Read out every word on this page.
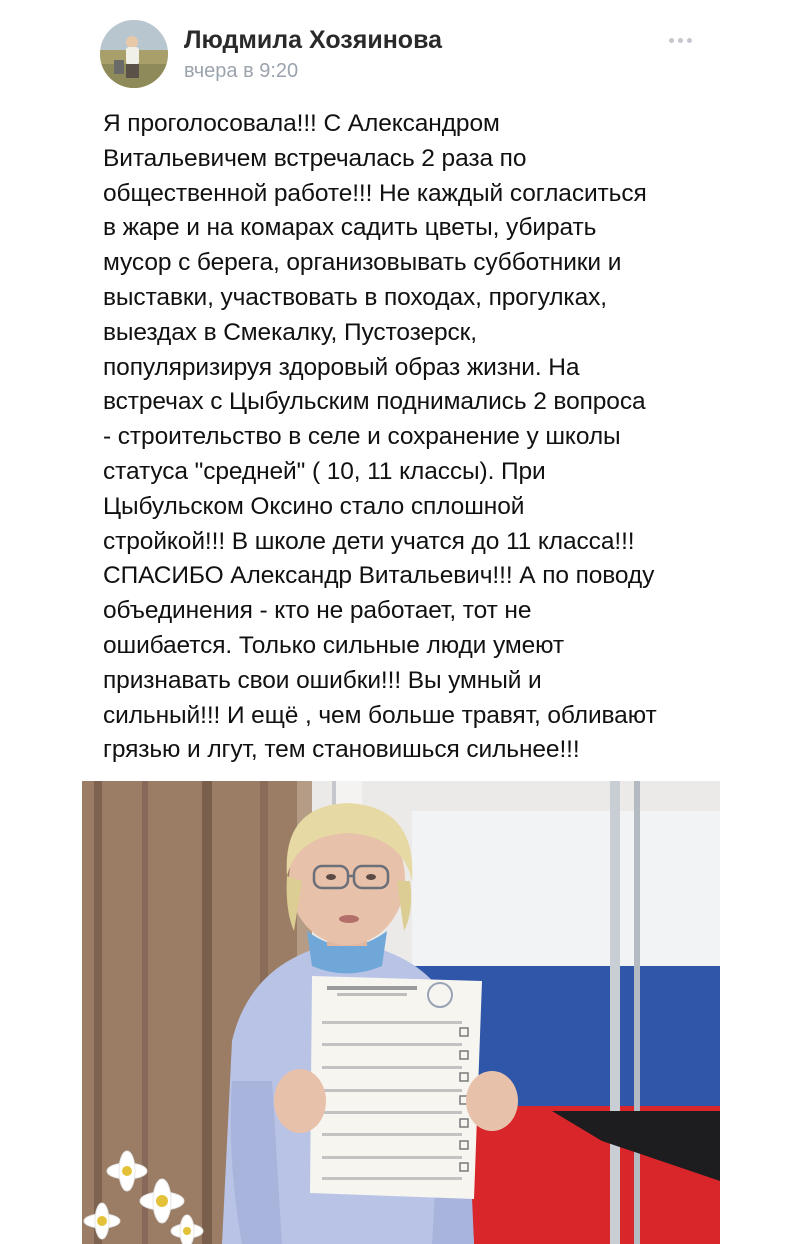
Людмила Хозяинова
вчера в 9:20
Я проголосовала!!! С Александром
Витальевичем встречалась 2 раза по
общественной работе!!! Не каждый согласиться
в жаре и на комарах садить цветы, убирать
мусор с берега, организовывать субботники и
выставки, участвовать в походах, прогулках,
выездах в Смекалку, Пустозерск,
популяризируя здоровый образ жизни. На
встречах с Цыбульским поднимались 2 вопроса
- строительство в селе и сохранение у школы
статуса "средней" ( 10, 11 классы). При
Цыбульском Оксино стало сплошной
стройкой!!! В школе дети учатся до 11 класса!!!
СПАСИБО Александр Витальевич!!! А по поводу
объединения - кто не работает, тот не
ошибается. Только сильные люди умеют
признавать свои ошибки!!! Вы умный и
сильный!!! И ещё , чем больше травят, обливают
грязью и лгут, тем становишься сильнее!!!
